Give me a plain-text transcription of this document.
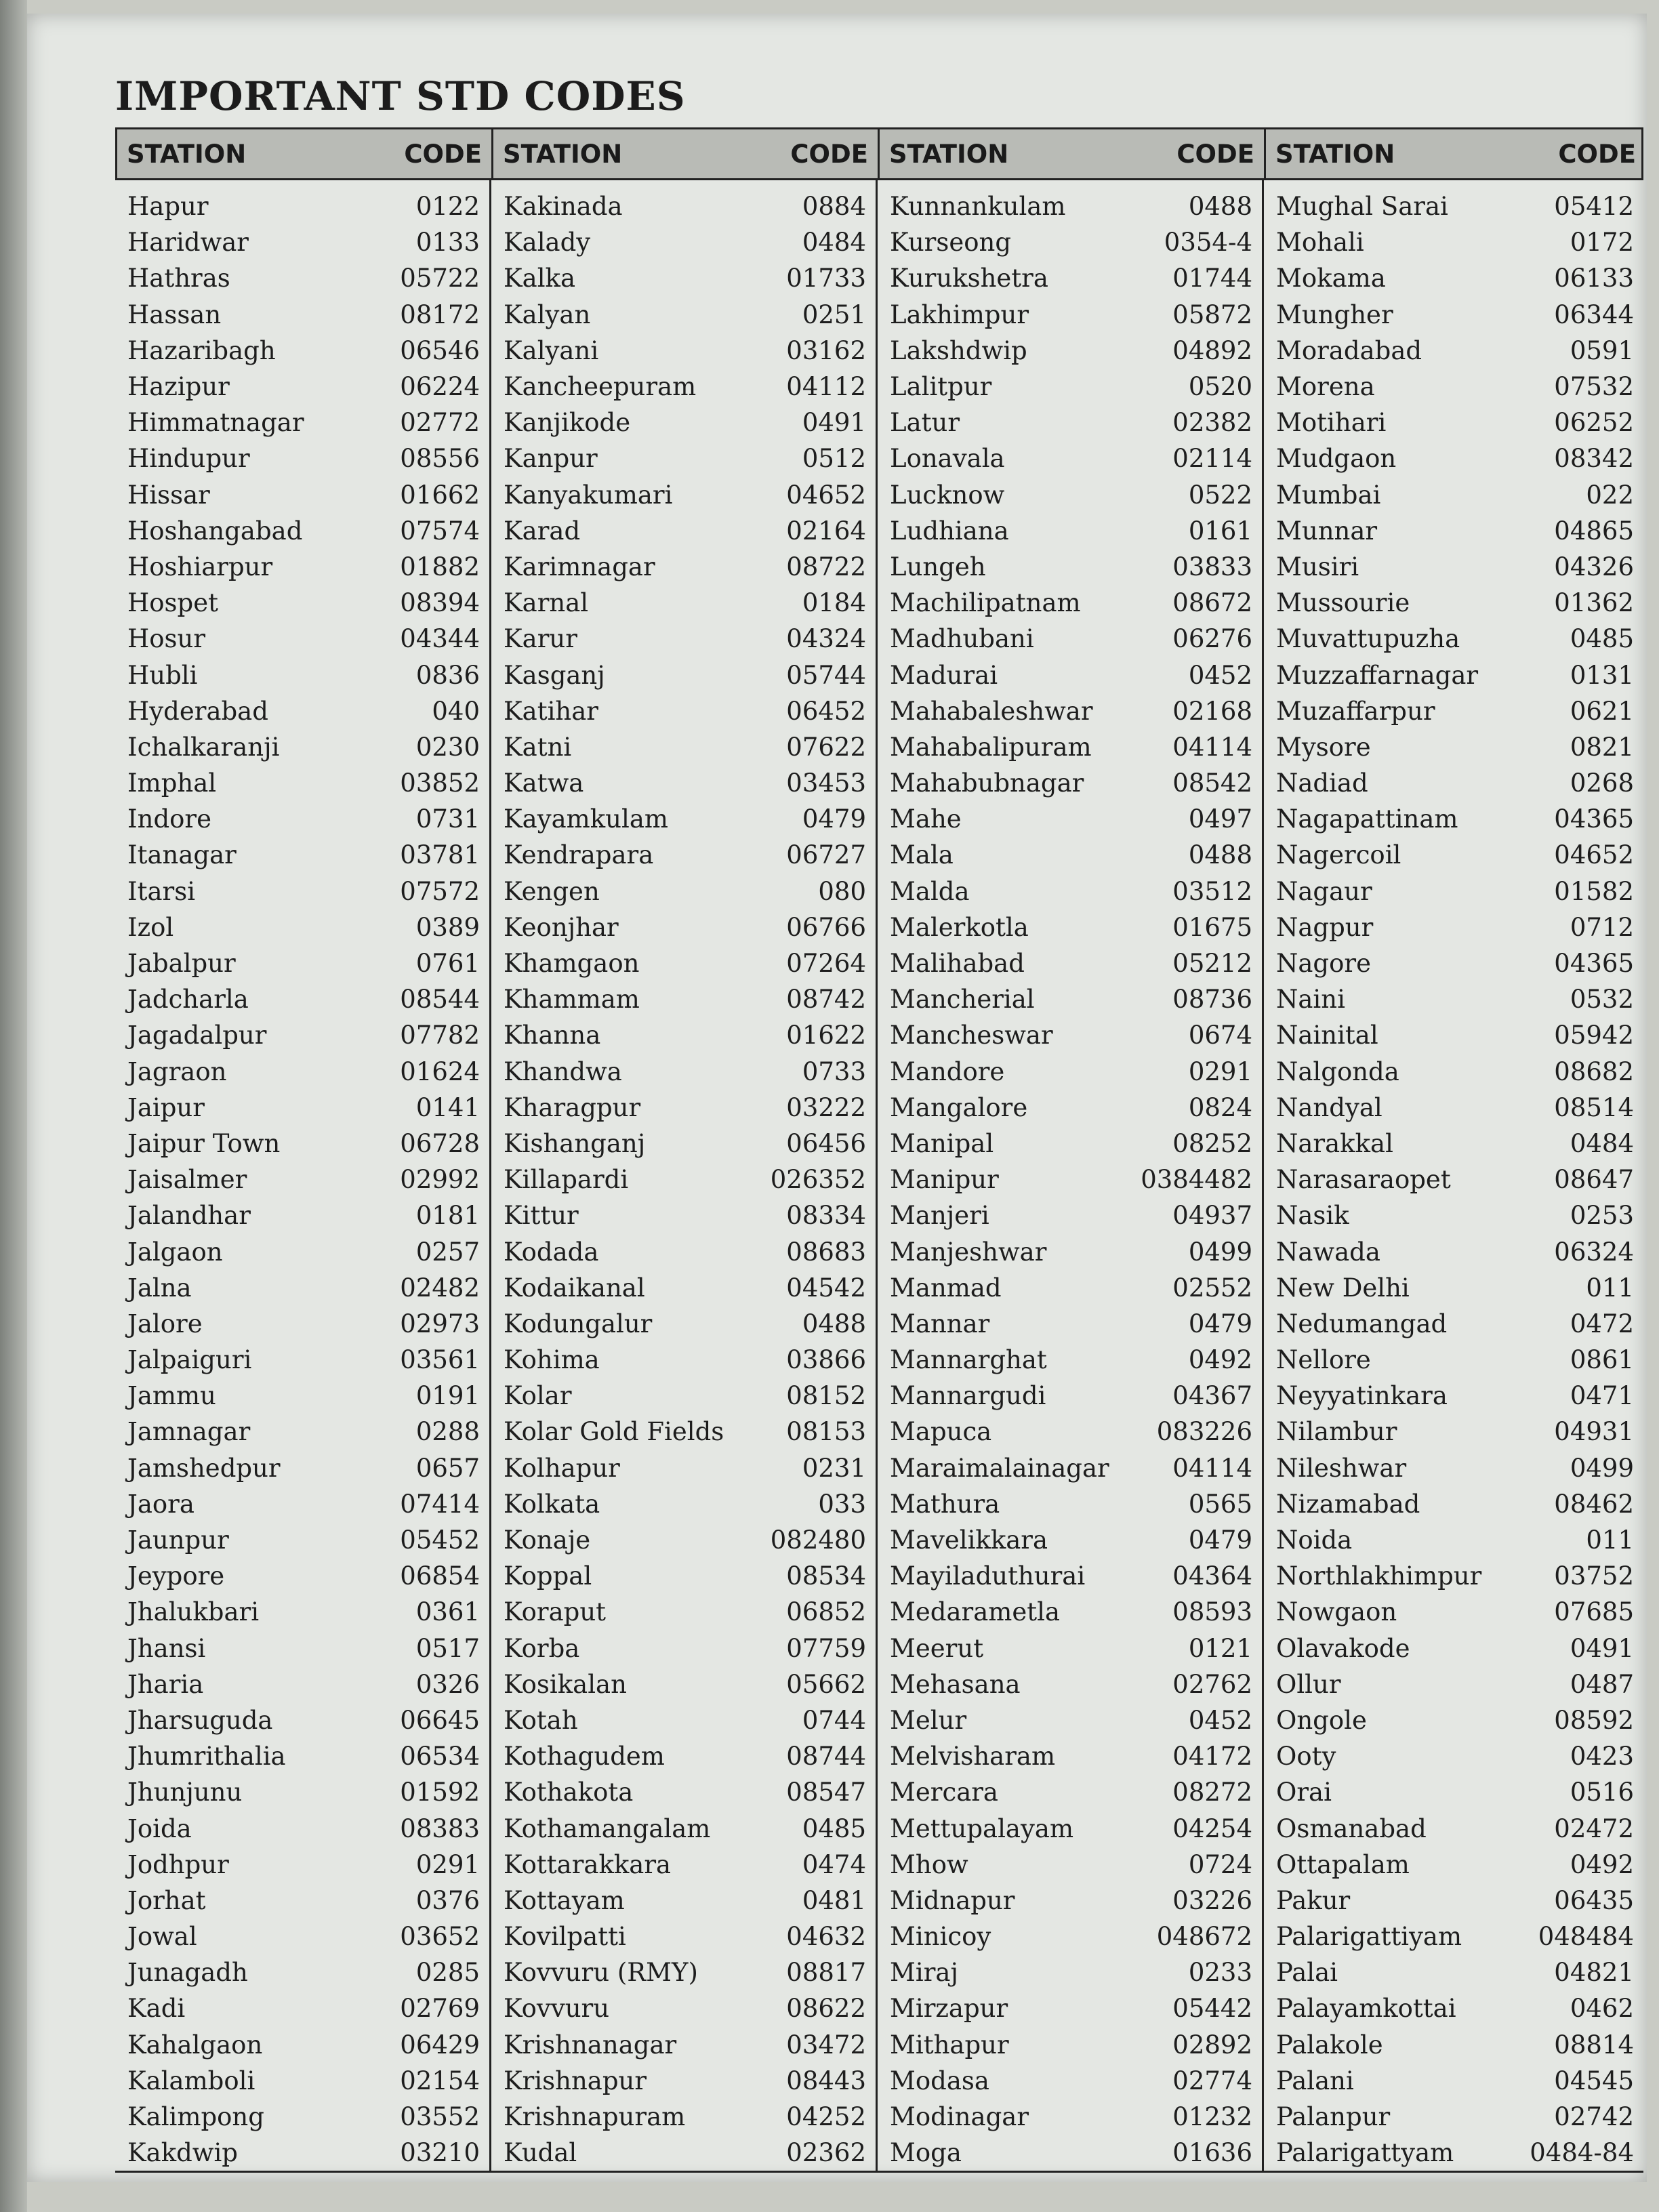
IMPORTANT STD CODES
STATION	CODE STATION	CODE STATION	CODE STATION	CODE
Hapur	0122
Haridwar	0133
Hathras	05722
Hassan	08172
Hazaribagh	06546
Hazipur	06224
Himmatnagar	02772
Hindupur	08556
Hissar	01662
Hoshangabad	07574
Hoshiarpur	01882
Hospet	08394
Hosur	04344
Hubli	0836
Hyderabad	040
Ichalkaranji	0230
Imphal	03852
Indore	0731
Itanagar	03781
Itarsi	07572
Izol	0389
Jabalpur	0761
Jadcharla	08544
Jagadalpur	07782
Jagraon	01624
Jaipur	0141
Jaipur Town	06728
Jaisalmer	02992
Jalandhar	0181
Jalgaon	0257
Jalna	02482
Jalore	02973
Jalpaiguri	03561
Jammu	0191
Jamnagar	0288
Jamshedpur	0657
Jaora	07414
Jaunpur	05452
Jeypore	06854
Jhalukbari	0361
Jhansi	0517
Jharia	0326
Jharsuguda	06645
Jhumrithalia	06534
Jhunjunu	01592
Joida	08383
Jodhpur	0291
Jorhat	0376
Jowal	03652
Junagadh	0285
Kadi	02769
Kahalgaon	06429
Kalamboli	02154
Kalimpong	03552
Kakdwip	03210
Kakinada	0884
Kalady	0484
Kalka	01733
Kalyan	0251
Kalyani	03162
Kancheepuram	04112
Kanjikode	0491
Kanpur	0512
Kanyakumari	04652
Karad	02164
Karimnagar	08722
Karnal	0184
Karur	04324
Kasganj	05744
Katihar	06452
Katni	07622
Katwa	03453
Kayamkulam	0479
Kendrapara	06727
Kengen	080
Keonjhar	06766
Khamgaon	07264
Khammam	08742
Khanna	01622
Khandwa	0733
Kharagpur	03222
Kishanganj	06456
Killapardi	026352
Kittur	08334
Kodada	08683
Kodaikanal	04542
Kodungalur	0488
Kohima	03866
Kolar	08152
Kolar Gold Fields 08153
Kolhapur	0231
Kolkata	033
Konaje	082480
Koppal	08534
Koraput	06852
Korba	07759
Kosikalan	05662
Kotah	0744
Kothagudem	08744
Kothakota	08547
Kothamangalam	0485
Kottarakkara	0474
Kottayam	0481
Kovilpatti	04632
Kovvuru (RMY)	08817
Kovvuru	08622
Krishnanagar	03472
Krishnapur	08443
Krishnapuram	04252
Kudal	02362
Kunnankulam	0488
Kurseong	0354-4
Kurukshetra	01744
Lakhimpur	05872
Lakshdwip	04892
Lalitpur	0520
Latur	02382
Lonavala	02114
Lucknow	0522
Ludhiana	0161
Lungeh	03833
Machilipatnam	08672
Madhubani	06276
Madurai	0452
Mahabaleshwar	02168
Mahabalipuram	04114
Mahabubnagar	08542
Mahe	0497
Mala	0488
Malda	03512
Malerkotla	01675
Malihabad	05212
Mancherial	08736
Mancheswar	0674
Mandore	0291
Mangalore	0824
Manipal	08252
Manipur	0384482
Manjeri	04937
Manjeshwar	0499
Manmad	02552
Mannar	0479
Mannarghat	0492
Mannargudi	04367
Mapuca	083226
Maraimalainagar	04114
Mathura	0565
Mavelikkara	0479
Mayiladuthurai	04364
Medarametla	08593
Meerut	0121
Mehasana	02762
Melur	0452
Melvisharam	04172
Mercara	08272
Mettupalayam	04254
Mhow	0724
Midnapur	03226
Minicoy	048672
Miraj	0233
Mirzapur	05442
Mithapur	02892
Modasa	02774
Modinagar	01232
Moga	01636
Mughal Sarai	05412
Mohali	0172
Mokama	06133
Mungher	06344
Moradabad	0591
Morena	07532
Motihari	06252
Mudgaon	08342
Mumbai	022
Munnar	04865
Musiri	04326
Mussourie	01362
Muvattupuzha	0485
Muzzaffarnagar	0131
Muzaffarpur	0621
Mysore	0821
Nadiad	0268
Nagapattinam	04365
Nagercoil	04652
Nagaur	01582
Nagpur	0712
Nagore	04365
Naini	0532
Nainital	05942
Nalgonda	08682
Nandyal	08514
Narakkal	0484
Narasaraopet	08647
Nasik	0253
Nawada	06324
New Delhi	011
Nedumangad	0472
Nellore	0861
Neyyatinkara	0471
Nilambur	04931
Nileshwar	0499
Nizamabad	08462
Noida	011
Northlakhimpur	03752
Nowgaon	07685
Olavakode	0491
Ollur	0487
Ongole	08592
Ooty	0423
Orai	0516
Osmanabad	02472
Ottapalam	0492
Pakur	06435
Palarigattiyam	048484
Palai	04821
Palayamkottai	0462
Palakole	08814
Palani	04545
Palanpur	02742
Palarigattyam	0484-84
